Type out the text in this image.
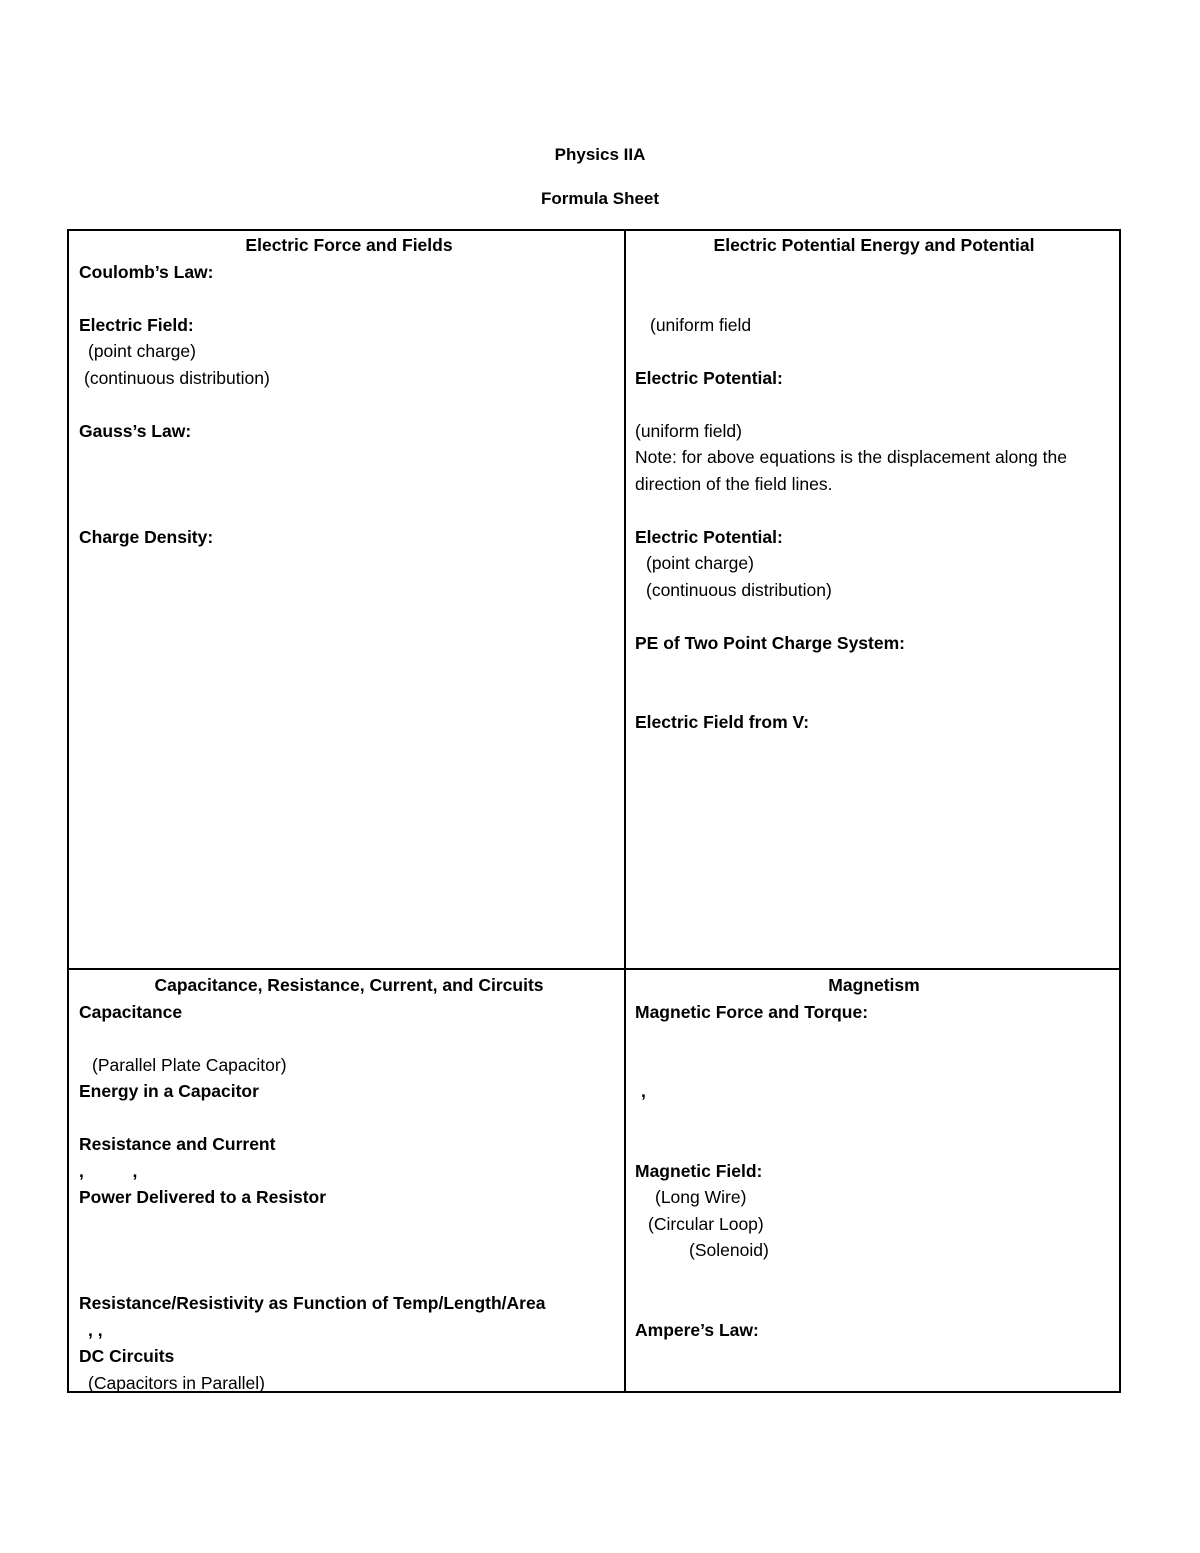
Physics IIA
Formula Sheet
Electric Force and Fields
Coulomb’s Law:
Electric Field:
(point charge)
(continuous distribution)
Gauss’s Law:
Charge Density:
Electric Potential Energy and Potential
(uniform field
Electric Potential:
(uniform field)
Note: for above equations is the displacement along the direction of the field lines.
Electric Potential:
(point charge)
(continuous distribution)
PE of Two Point Charge System:
Electric Field from V:
Capacitance, Resistance, Current, and Circuits
Capacitance
(Parallel Plate Capacitor)
Energy in a Capacitor
Resistance and Current
,          ,
Power Delivered to a Resistor
Resistance/Resistivity as Function of Temp/Length/Area
, ,
DC Circuits
(Capacitors in Parallel)
Magnetism
Magnetic Force and Torque:
,
Magnetic Field:
(Long Wire)
(Circular Loop)
(Solenoid)
Ampere’s Law:
